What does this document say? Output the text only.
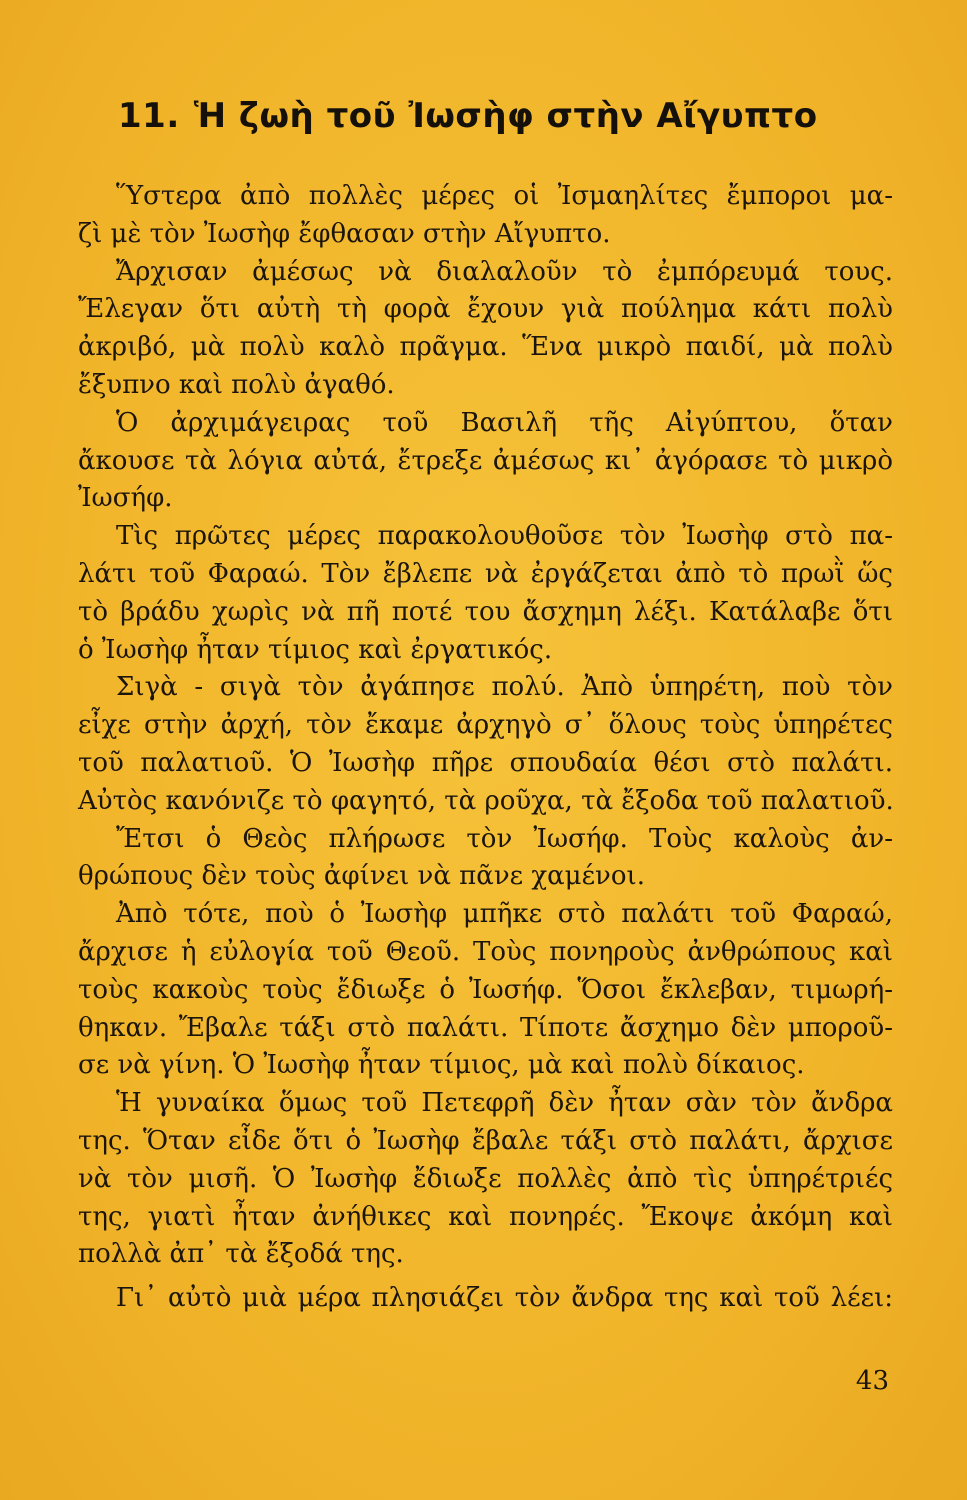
11. Ἡ ζωὴ τοῦ Ἰωσὴφ στὴν Αἴγυπτο
Ὕστερα ἀπὸ πολλὲς μέρες οἱ Ἰσμαηλίτες ἔμποροι μα-
ζὶ μὲ τὸν Ἰωσὴφ ἔφθασαν στὴν Αἴγυπτο.
Ἄρχισαν ἀμέσως νὰ διαλαλοῦν τὸ ἐμπόρευμά τους.
Ἔλεγαν ὅτι αὐτὴ τὴ φορὰ ἔχουν γιὰ πούλημα κάτι πολὺ
ἀκριβό, μὰ πολὺ καλὸ πρᾶγμα. Ἕνα μικρὸ παιδί, μὰ πολὺ
ἔξυπνο καὶ πολὺ ἀγαθό.
Ὁ ἀρχιμάγειρας τοῦ Βασιλῆ τῆς Αἰγύπτου, ὅταν
ἄκουσε τὰ λόγια αὐτά, ἔτρεξε ἀμέσως κι᾽ ἀγόρασε τὸ μικρὸ
Ἰωσήφ.
Τὶς πρῶτες μέρες παρακολουθοῦσε τὸν Ἰωσὴφ στὸ πα-
λάτι τοῦ Φαραώ. Τὸν ἔβλεπε νὰ ἐργάζεται ἀπὸ τὸ πρωῒ ὥς
τὸ βράδυ χωρὶς νὰ πῆ ποτέ του ἄσχημη λέξι. Κατάλαβε ὅτι
ὁ Ἰωσὴφ ἦταν τίμιος καὶ ἐργατικός.
Σιγὰ - σιγὰ τὸν ἀγάπησε πολύ. Ἀπὸ ὑπηρέτη, ποὺ τὸν
εἶχε στὴν ἀρχή, τὸν ἔκαμε ἀρχηγὸ σ᾽ ὅλους τοὺς ὑπηρέτες
τοῦ παλατιοῦ. Ὁ Ἰωσὴφ πῆρε σπουδαία θέσι στὸ παλάτι.
Αὐτὸς κανόνιζε τὸ φαγητό, τὰ ροῦχα, τὰ ἔξοδα τοῦ παλατιοῦ.
Ἔτσι ὁ Θεὸς πλήρωσε τὸν Ἰωσήφ. Τοὺς καλοὺς ἀν-
θρώπους δὲν τοὺς ἀφίνει νὰ πᾶνε χαμένοι.
Ἀπὸ τότε, ποὺ ὁ Ἰωσὴφ μπῆκε στὸ παλάτι τοῦ Φαραώ,
ἄρχισε ἡ εὐλογία τοῦ Θεοῦ. Τοὺς πονηροὺς ἀνθρώπους καὶ
τοὺς κακοὺς τοὺς ἔδιωξε ὁ Ἰωσήφ. Ὅσοι ἔκλεβαν, τιμωρή-
θηκαν. Ἔβαλε τάξι στὸ παλάτι. Τίποτε ἄσχημο δὲν μποροῦ-
σε νὰ γίνη. Ὁ Ἰωσὴφ ἦταν τίμιος, μὰ καὶ πολὺ δίκαιος.
Ἡ γυναίκα ὅμως τοῦ Πετεφρῆ δὲν ἦταν σὰν τὸν ἄνδρα
της. Ὅταν εἶδε ὅτι ὁ Ἰωσὴφ ἔβαλε τάξι στὸ παλάτι, ἄρχισε
νὰ τὸν μισῆ. Ὁ Ἰωσὴφ ἔδιωξε πολλὲς ἀπὸ τὶς ὑπηρέτριές
της, γιατὶ ἦταν ἀνήθικες καὶ πονηρές. Ἔκοψε ἀκόμη καὶ
πολλὰ ἀπ᾽ τὰ ἔξοδά της.
Γι᾽ αὐτὸ μιὰ μέρα πλησιάζει τὸν ἄνδρα της καὶ τοῦ λέει:
43
